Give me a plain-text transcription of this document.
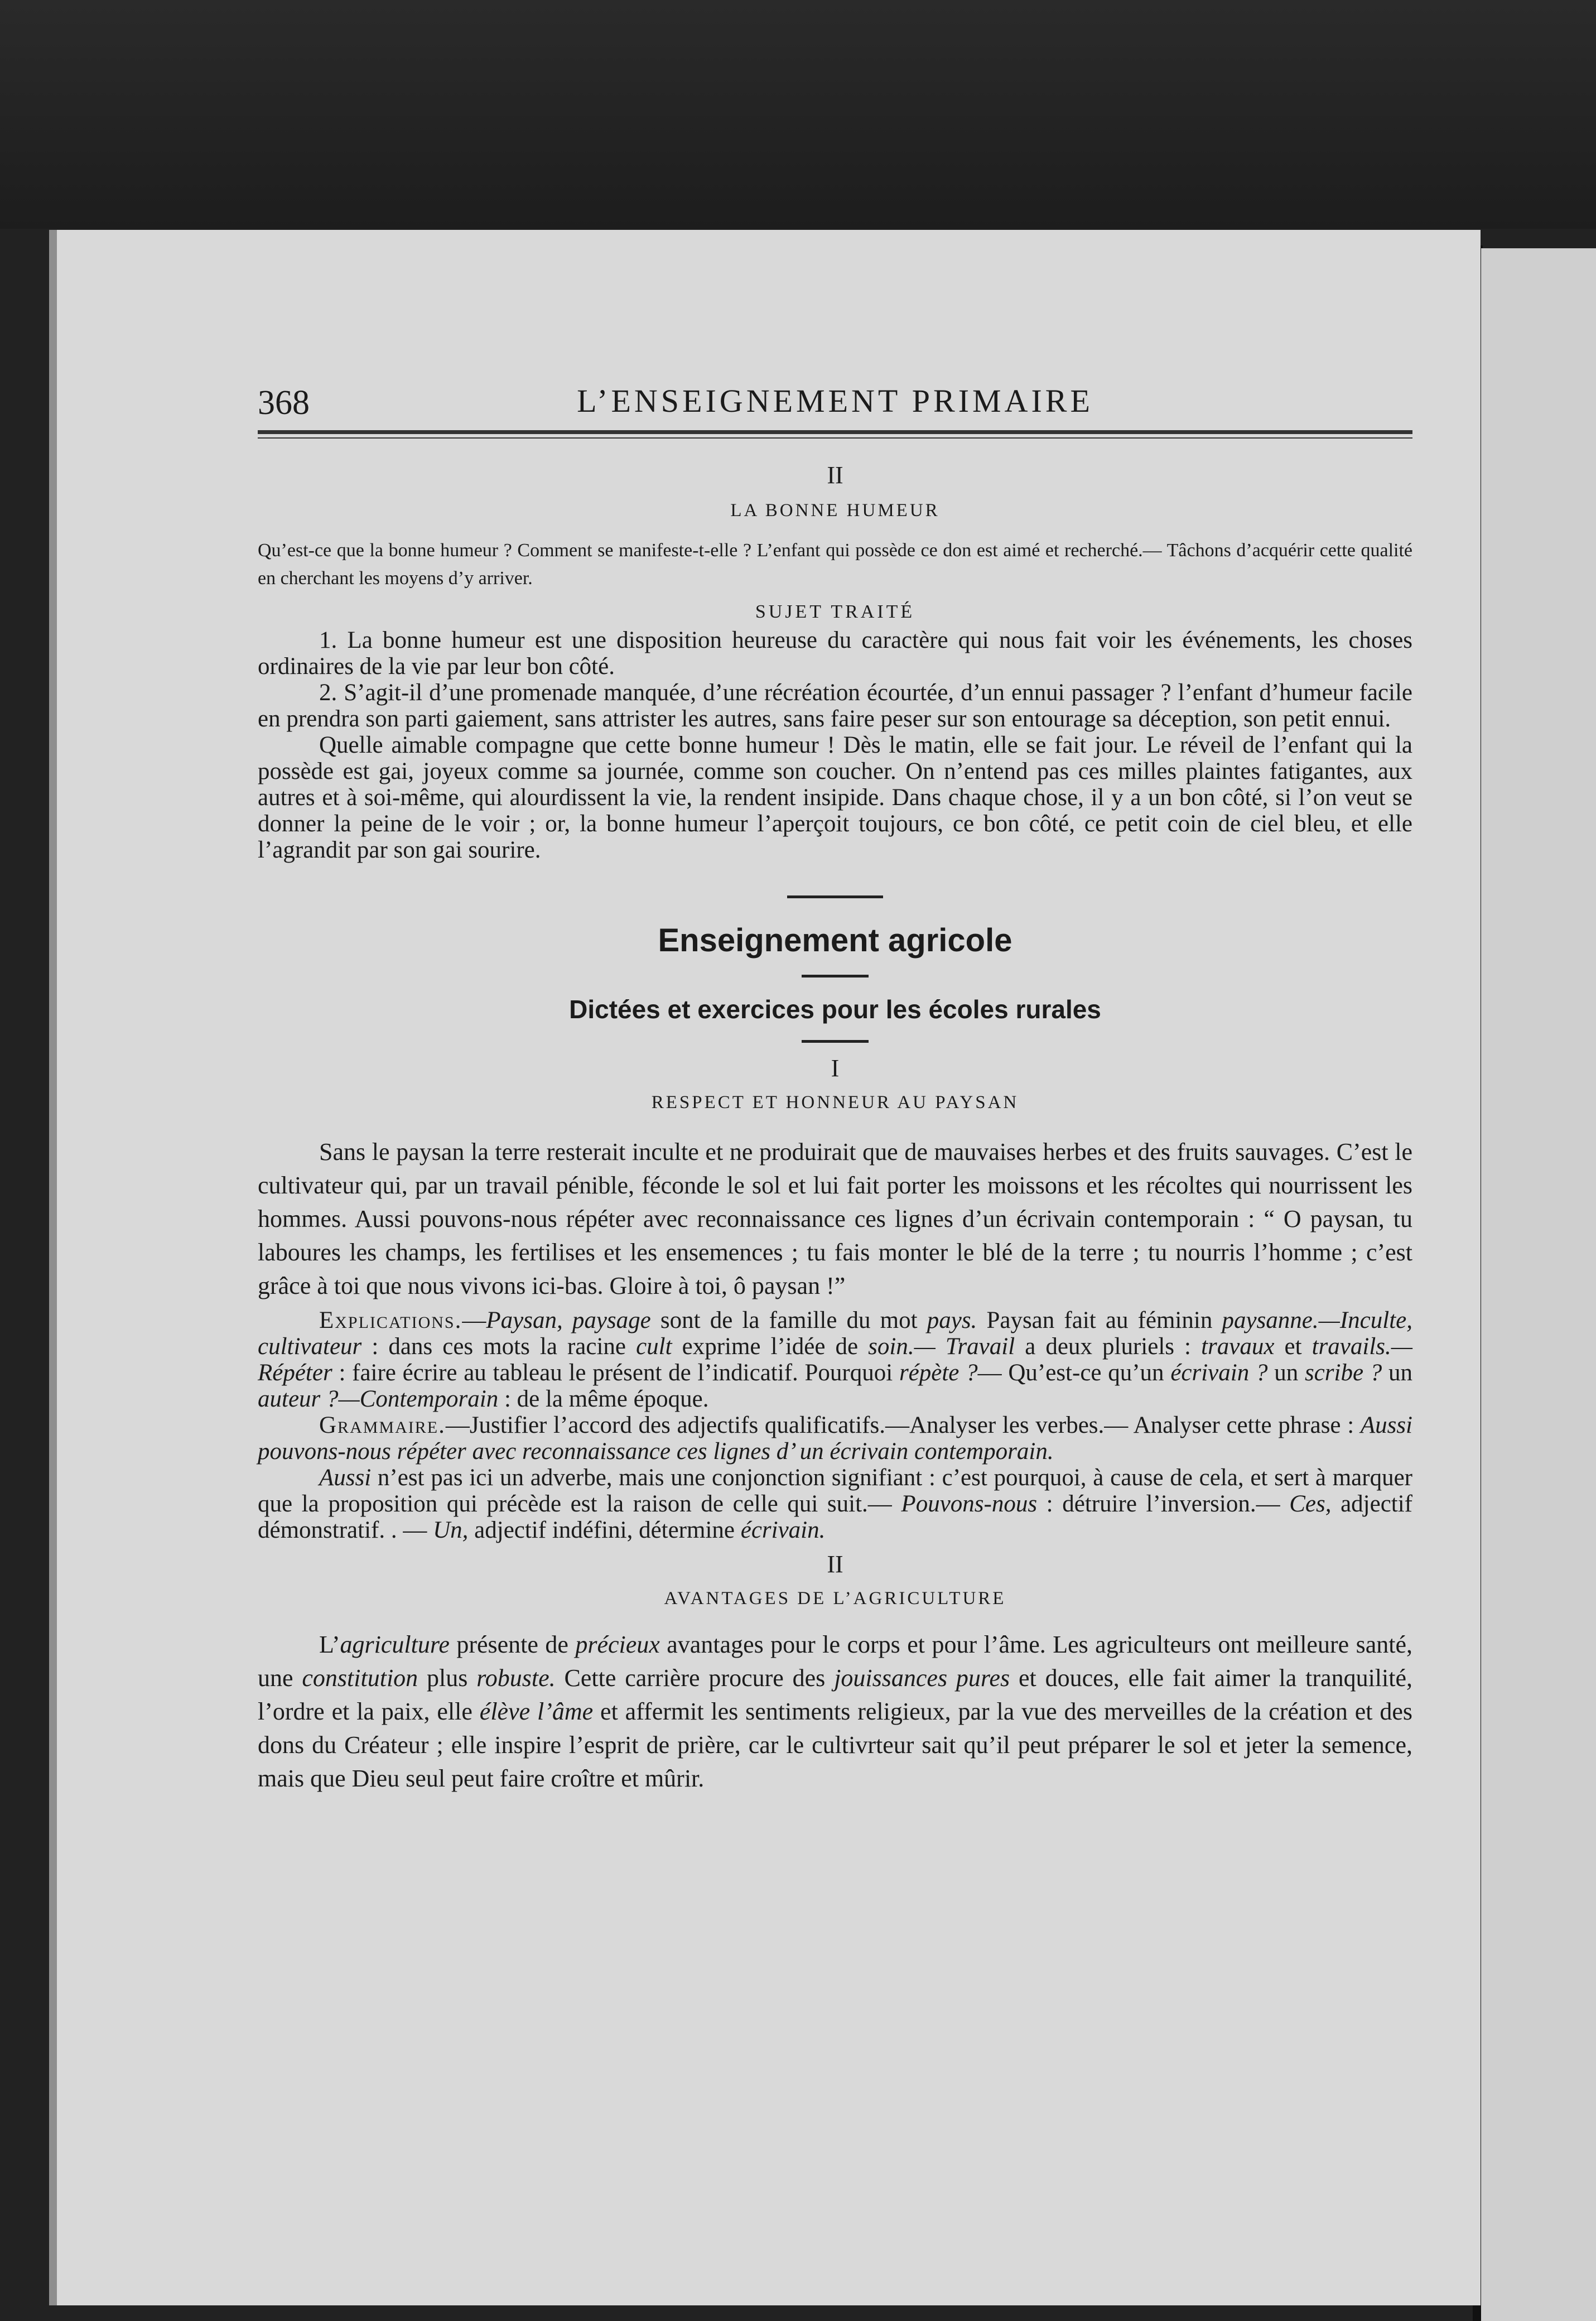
368	L’ENSEIGNEMENT PRIMAIRE
II
LA BONNE HUMEUR
Qu’est-ce que la bonne humeur ? Comment se manifeste-t-elle ? L’enfant qui possède ce don est aimé et recherché.— Tâchons d’acquérir cette qualité en cherchant les moyens d’y arriver.
SUJET TRAITÉ

1. La bonne humeur est une disposition heureuse du caractère qui nous fait voir les événements, les choses ordinaires de la vie par leur bon côté.

2. S’agit-il d’une promenade manquée, d’une récréation écourtée, d’un ennui passager ? l’enfant d’humeur facile en prendra son parti gaiement, sans attrister les autres, sans faire peser sur son entourage sa déception, son petit ennui.

Quelle aimable compagne que cette bonne humeur ! Dès le matin, elle se fait jour. Le réveil de l’enfant qui la possède est gai, joyeux comme sa journée, comme son coucher. On n’entend pas ces milles plaintes fatigantes, aux autres et à soi-même, qui alourdissent la vie, la rendent insipide. Dans chaque chose, il y a un bon côté, si l’on veut se donner la peine de le voir ; or, la bonne humeur l’aperçoit toujours, ce bon côté, ce petit coin de ciel bleu, et elle l’agrandit par son gai sourire.

Enseignement agricole
Dictées et exercices pour les écoles rurales
I
RESPECT ET HONNEUR AU PAYSAN

Sans le paysan la terre resterait inculte et ne produirait que de mauvaises herbes et des fruits sauvages. C’est le cultivateur qui, par un travail pénible, féconde le sol et lui fait porter les moissons et les récoltes qui nourrissent les hommes. Aussi pouvons-nous répéter avec reconnaissance ces lignes d’un écrivain contemporain : “ O paysan, tu laboures les champs, les fertilises et les ensemences ; tu fais monter le blé de la terre ; tu nourris l’homme ; c’est grâce à toi que nous vivons ici-bas. Gloire à toi, ô paysan !”

Explications.—Paysan, paysage sont de la famille du mot pays. Paysan fait au féminin paysanne.—Inculte, cultivateur : dans ces mots la racine cult exprime l’idée de soin.— Travail a deux pluriels : travaux et travails.— Répéter : faire écrire au tableau le présent de l’indicatif. Pourquoi répète ?— Qu’est-ce qu’un écrivain ? un scribe ? un auteur ?—Contemporain : de la même époque.

Grammaire.—Justifier l’accord des adjectifs qualificatifs.—Analyser les verbes.— Analyser cette phrase : Aussi pouvons-nous répéter avec reconnaissance ces lignes d’ un écrivain contemporain.

Aussi n’est pas ici un adverbe, mais une conjonction signifiant : c’est pourquoi, à cause de cela, et sert à marquer que la proposition qui précède est la raison de celle qui suit.— Pouvons-nous : détruire l’inversion.— Ces, adjectif démonstratif. . — Un, adjectif indéfini, détermine écrivain.

II
AVANTAGES DE L’AGRICULTURE

L’agriculture présente de précieux avantages pour le corps et pour l’âme. Les agriculteurs ont meilleure santé, une constitution plus robuste. Cette carrière procure des jouissances pures et douces, elle fait aimer la tranquilité, l’ordre et la paix, elle élève l’âme et affermit les sentiments religieux, par la vue des merveilles de la création et des dons du Créateur ; elle inspire l’esprit de prière, car le cultivrteur sait qu’il peut préparer le sol et jeter la semence, mais que Dieu seul peut faire croître et mûrir.
